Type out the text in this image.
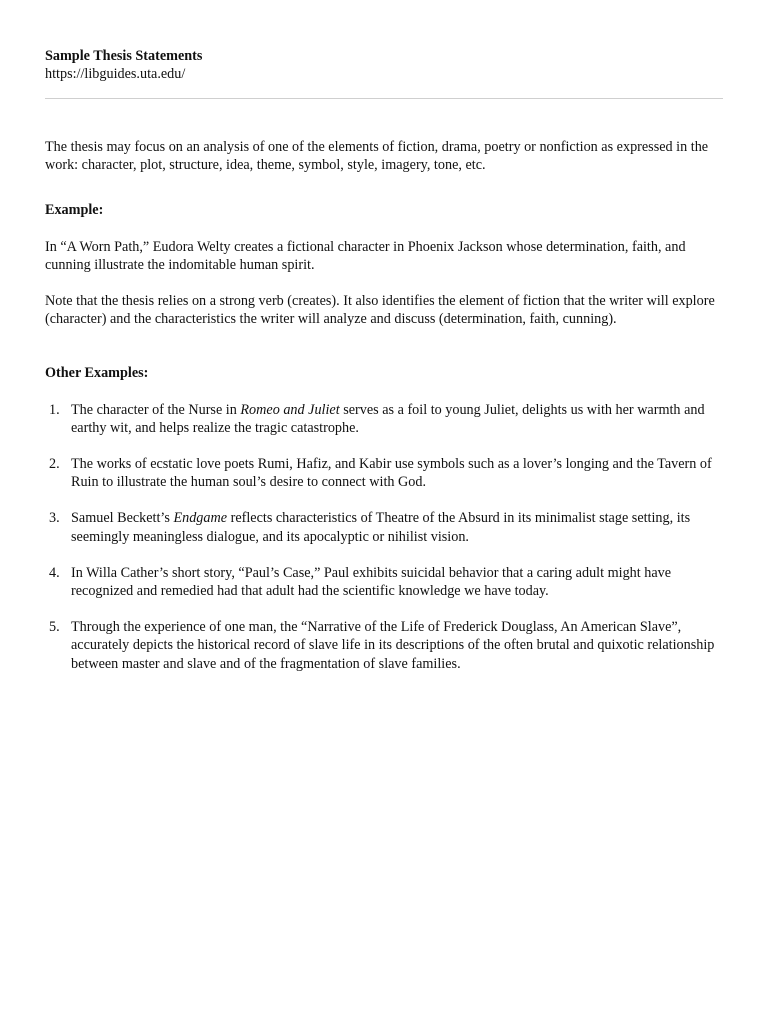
Sample Thesis Statements

https://libguides.uta.edu/

The thesis may focus on an analysis of one of the elements of fiction, drama, poetry or nonfiction as expressed in the work: character, plot, structure, idea, theme, symbol, style, imagery, tone, etc.

Example:

In “A Worn Path,” Eudora Welty creates a fictional character in Phoenix Jackson whose determination, faith, and cunning illustrate the indomitable human spirit.

Note that the thesis relies on a strong verb (creates). It also identifies the element of fiction that the writer will explore (character) and the characteristics the writer will analyze and discuss (determination, faith, cunning).

Other Examples:

1. The character of the Nurse in Romeo and Juliet serves as a foil to young Juliet, delights us with her warmth and earthy wit, and helps realize the tragic catastrophe.
2. The works of ecstatic love poets Rumi, Hafiz, and Kabir use symbols such as a lover’s longing and the Tavern of Ruin to illustrate the human soul’s desire to connect with God.
3. Samuel Beckett’s Endgame reflects characteristics of Theatre of the Absurd in its minimalist stage setting, its seemingly meaningless dialogue, and its apocalyptic or nihilist vision.
4. In Willa Cather’s short story, “Paul’s Case,” Paul exhibits suicidal behavior that a caring adult might have recognized and remedied had that adult had the scientific knowledge we have today.
5. Through the experience of one man, the “Narrative of the Life of Frederick Douglass, An American Slave”, accurately depicts the historical record of slave life in its descriptions of the often brutal and quixotic relationship between master and slave and of the fragmentation of slave families.
